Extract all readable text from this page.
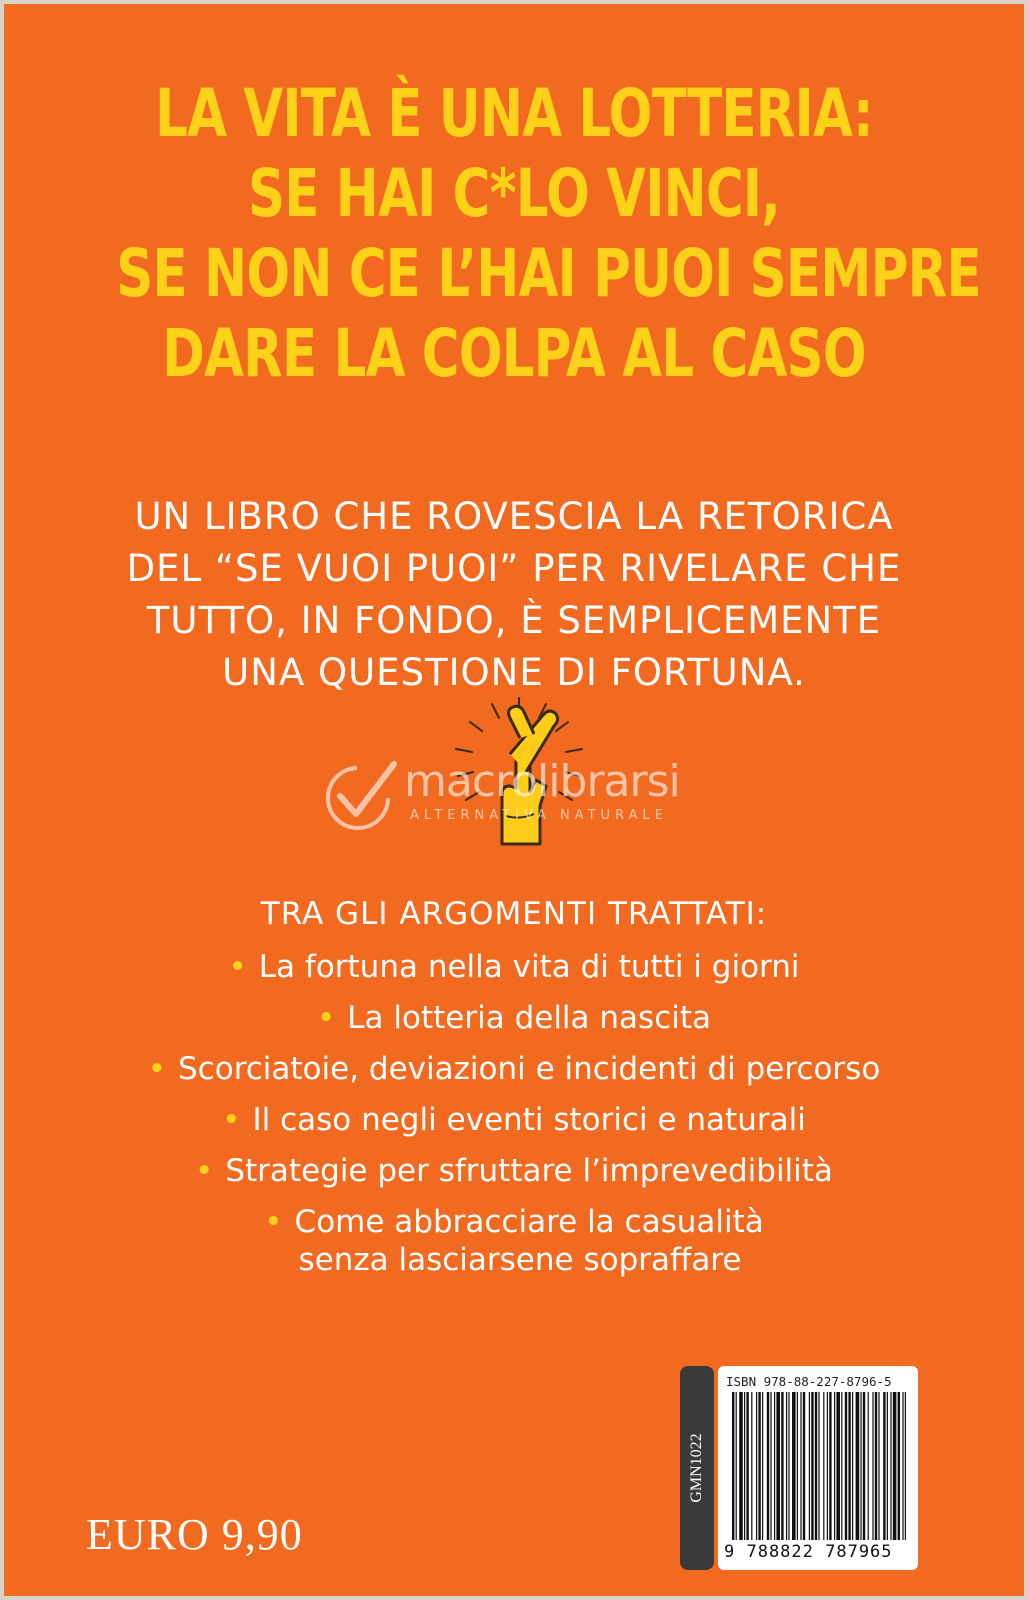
LA VITA È UNA LOTTERIA:
SE HAI C*LO VINCI,
SE NON CE L’HAI PUOI SEMPRE
DARE LA COLPA AL CASO
UN LIBRO CHE ROVESCIA LA RETORICA
DEL “SE VUOI PUOI” PER RIVELARE CHE
TUTTO, IN FONDO, È SEMPLICEMENTE
UNA QUESTIONE DI FORTUNA.
macrolibrarsi
ALTERNATIVA NATURALE
TRA GLI ARGOMENTI TRATTATI:
• La fortuna nella vita di tutti i giorni
• La lotteria della nascita
• Scorciatoie, deviazioni e incidenti di percorso
• Il caso negli eventi storici e naturali
• Strategie per sfruttare l’imprevedibilità
• Come abbracciare la casualità
senza lasciarsene sopraffare
EURO 9,90
GMN1022
ISBN 978-88-227-8796-5
9 788822 787965
